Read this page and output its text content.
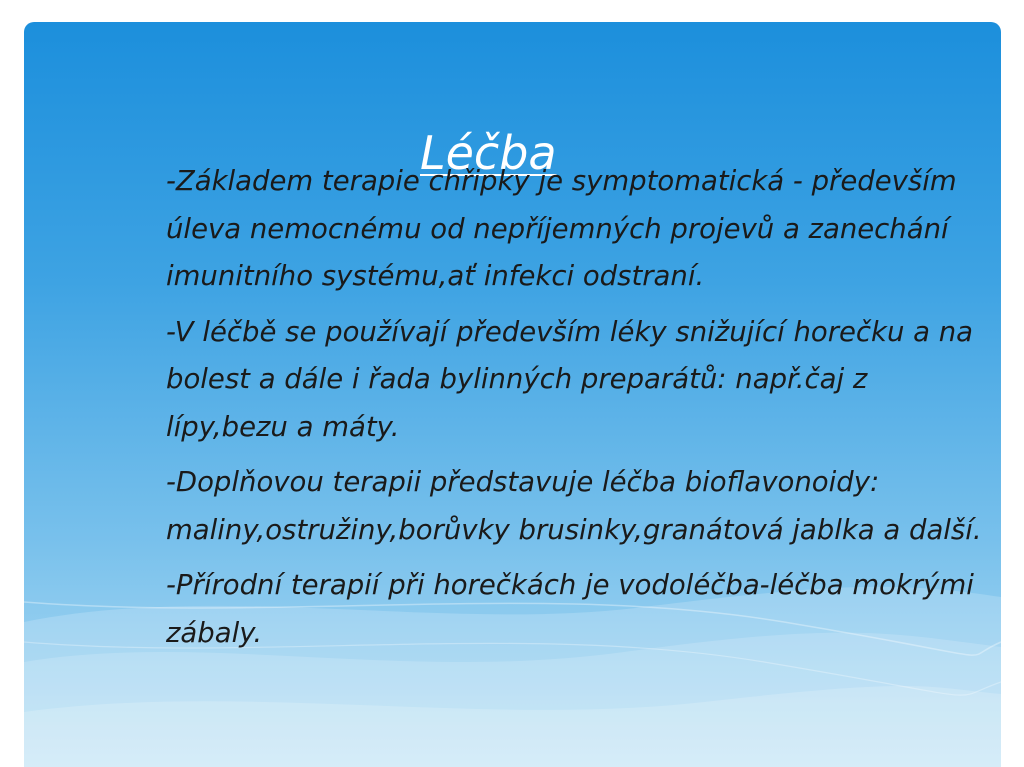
Léčba

-Základem terapie chřipky je symptomatická - především úleva nemocnému od nepříjemných projevů a zanechání imunitního systému,ať infekci odstraní.

-V léčbě se používají především léky snižující horečku a na bolest a dále i řada bylinných preparátů: např.čaj z lípy,bezu a máty.

-Doplňovou terapii představuje léčba bioflavonoidy: maliny,ostružiny,borůvky brusinky,granátová jablka a další.

-Přírodní terapií při horečkách je vodoléčba-léčba mokrými zábaly.
